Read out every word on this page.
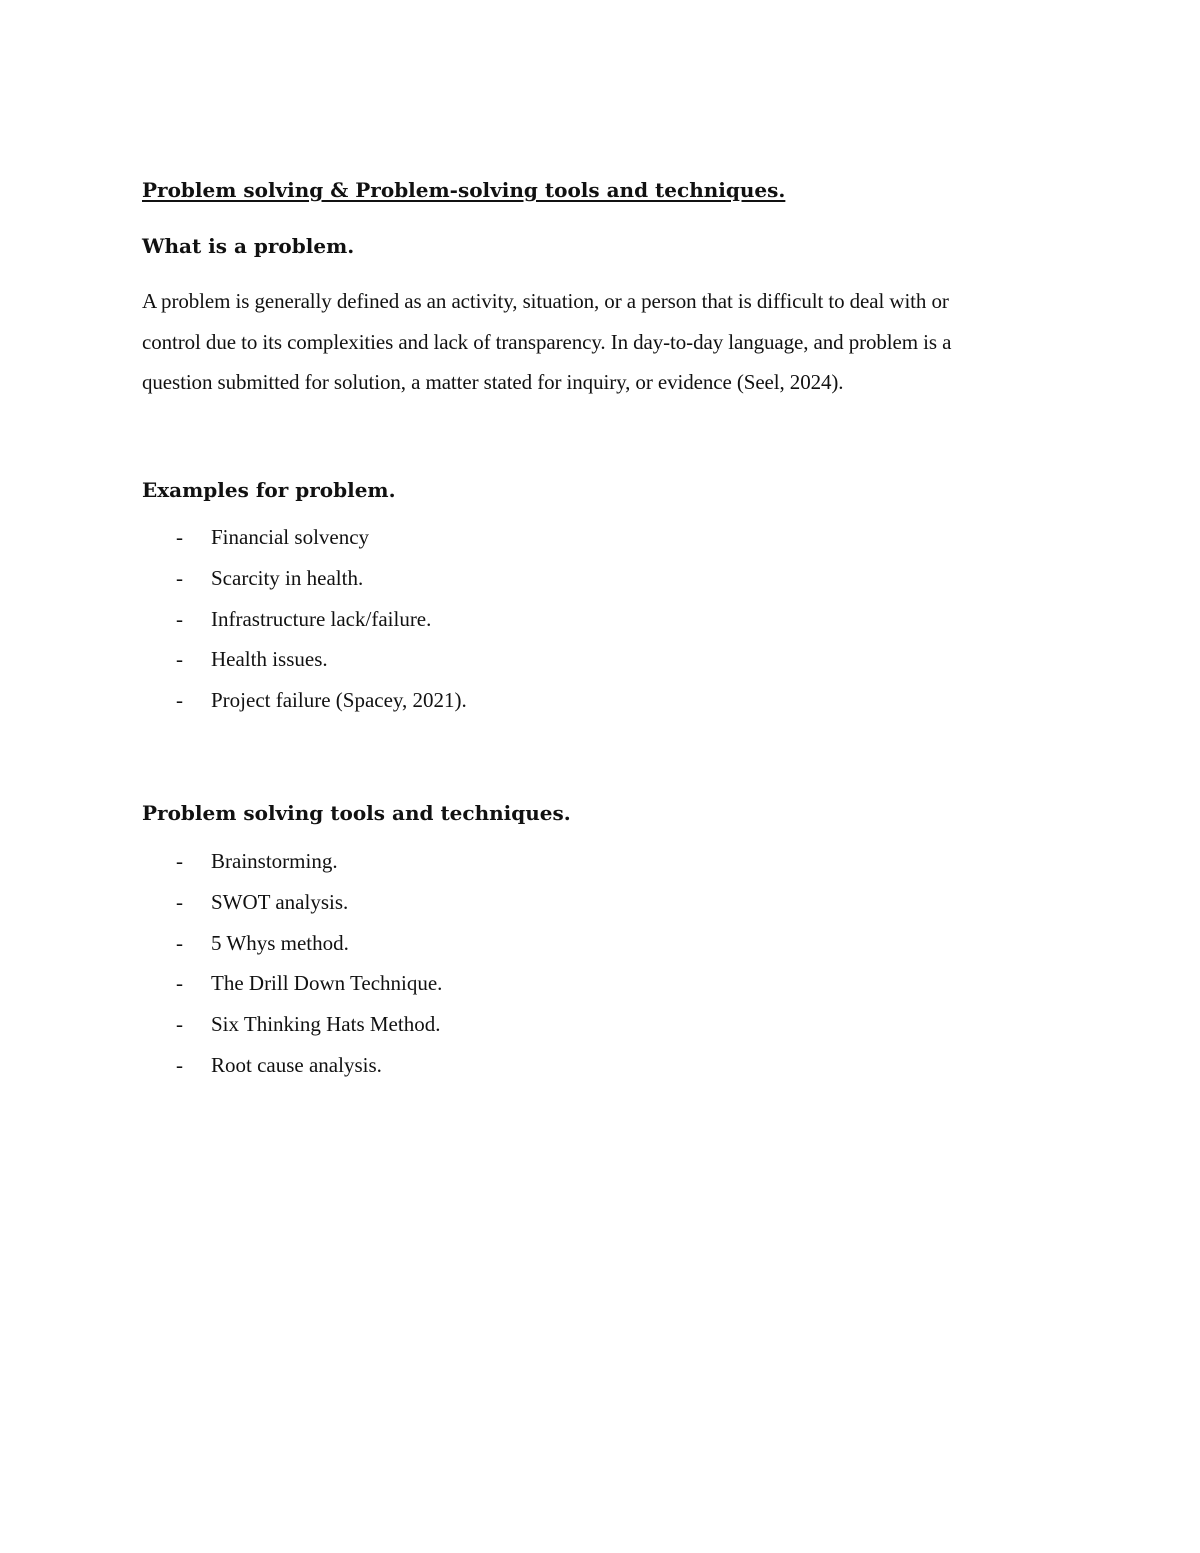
Problem solving & Problem-solving tools and techniques.
What is a problem.

A problem is generally defined as an activity, situation, or a person that is difficult to deal with or
control due to its complexities and lack of transparency. In day-to-day language, and problem is a
question submitted for solution, a matter stated for inquiry, or evidence (Seel, 2024).

Examples for problem.
- Financial solvency
- Scarcity in health.
- Infrastructure lack/failure.
- Health issues.
- Project failure (Spacey, 2021).
Problem solving tools and techniques.
- Brainstorming.
- SWOT analysis.
- 5 Whys method.
- The Drill Down Technique.
- Six Thinking Hats Method.
- Root cause analysis.
